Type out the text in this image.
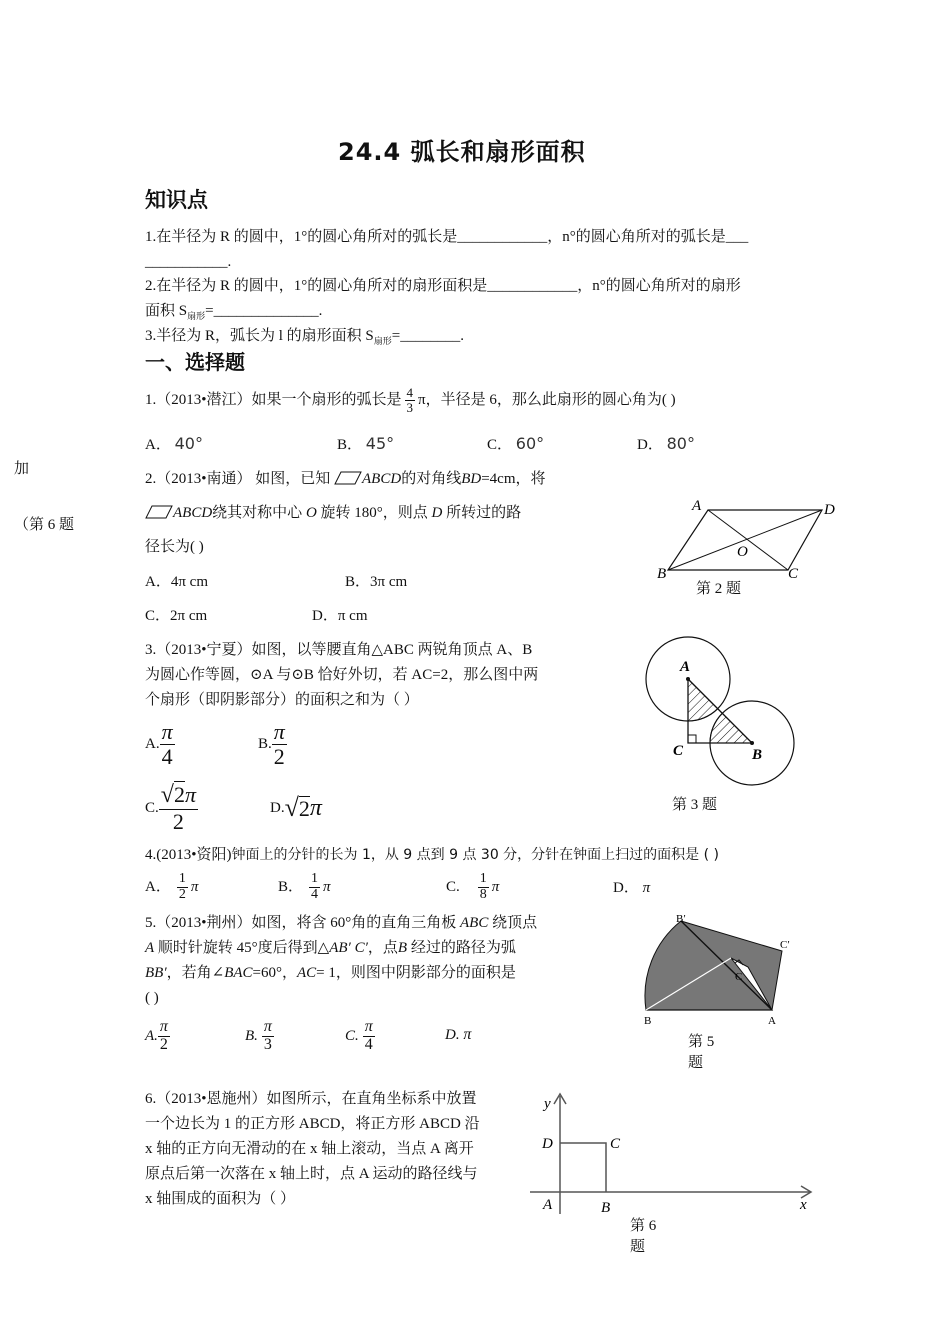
24.4 弧长和扇形面积
知识点
1.在半径为 R 的圆中，1°的圆心角所对的弧长是____________，n°的圆心角所对的弧长是___
___________.
2.在半径为 R 的圆中，1°的圆心角所对的扇形面积是____________，n°的圆心角所对的扇形
面积 $S_{扇形}=\_\_\_\_\_\_\_\_\_\_\_\_\_\_$.
3.半径为 R，弧长为 l 的扇形面积 $S_{扇形}=\_\_\_\_\_\_\_\_$.
一、选择题
加
（第 6 题
1.（2013•潜江）如果一个扇形的弧长是 $\frac{4}{3}$ π，半径是 6，那么此扇形的圆心角为( )
A． 40°	B． 45°	C． 60°	D． 80°
2.（2013•南通） 如图，已知 ABCD的对角线BD=4cm，将
ABCD绕其对称中心 O 旋转 180°，则点 D 所转过的路
径长为( )
A．4π cm	B．3π cm
C．2π cm	D．π cm
A	D
B	C
O
第 2 题
3.（2013•宁夏）如图，以等腰直角△ABC 两锐角顶点 A、B
为圆心作等圆，⊙A 与⊙B 恰好外切，若 AC=2，那么图中两
个扇形（即阴影部分）的面积之和为（ ）
A. $\frac{\pi}{4}$	B. $\frac{\pi}{2}$
C. $\frac{√2\pi}{2}$	D. √ 2 π
A
C	B
第 3 题
4.(2013•资阳)钟面上的分针的长为 1，从 9 点到 9 点 30 分，分针在钟面上扫过的面积是 ( )
A． $\frac{1}{2}$ π	B． $\frac{1}{4}$ π	C. $\frac{1}{8}$ π	D． π
5.（2013•荆州）如图，将含 60°角的直角三角板 ABC 绕顶点
A 顺时针旋转 45°度后得到△AB′ C′，点B 经过的路径为弧
BB′，若角∠BAC=60°，AC= 1，则图中阴影部分的面积是
( )
A. $\frac{\pi}{2}$	B. $\frac{\pi}{3}$	C. $\frac{\pi}{4}$	D. π
B′
C′
C
B	A
第 5
题
6.（2013•恩施州）如图所示，在直角坐标系中放置
一个边长为 1 的正方形 ABCD，将正方形 ABCD 沿
x 轴的正方向无滑动的在 x 轴上滚动，当点 A 离开
原点后第一次落在 x 轴上时，点 A 运动的路径线与
x 轴围成的面积为（ ）
y
x
D	C
A	B
第 6
题
